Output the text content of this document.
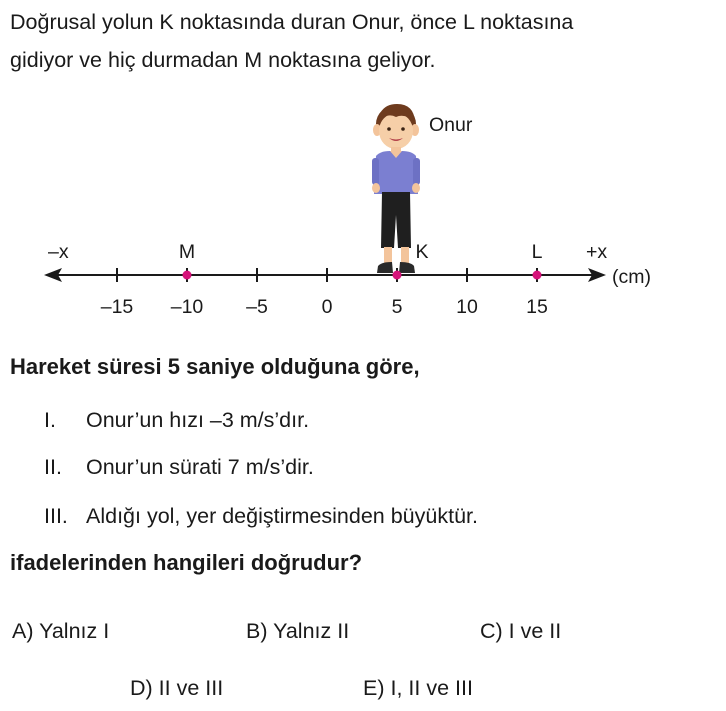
Doğrusal yolun K noktasında duran Onur, önce L noktasına

gidiyor ve hiç durmadan M noktasına geliyor.

Onur
–x	+x
(cm)
–15 –10 –5	0	5	10 15
M	K	L

Hareket süresi 5 saniye olduğuna göre,

I. Onur’un hızı –3 m/s’dır.
II. Onur’un sürati 7 m/s’dir.
III. Aldığı yol, yer değiştirmesinden büyüktür.

ifadelerinden hangileri doğrudur?

A) Yalnız I	B) Yalnız II	C) I ve II
D) II ve III	E) I, II ve III
